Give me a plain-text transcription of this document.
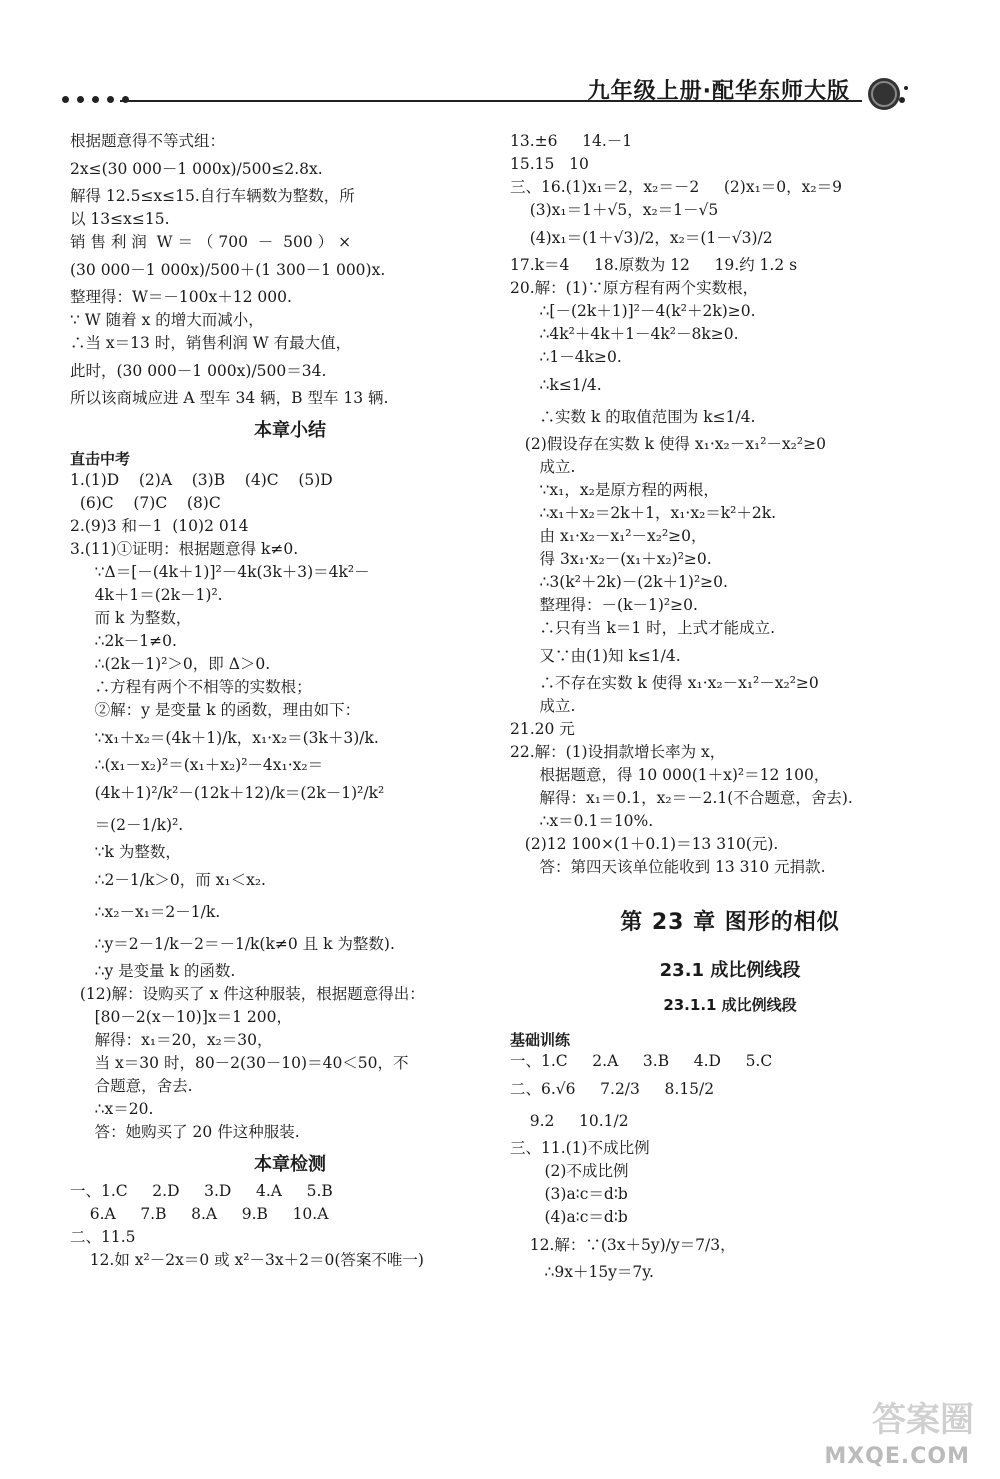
九年级上册·配华东师大版
根据题意得不等式组：
2x≤(30 000－1 000x)/500≤2.8x.
解得 12.5≤x≤15.自行车辆数为整数，所
以 13≤x≤15.
销 售 利 润  W ＝ （ 700  －  500 ） ×
(30 000－1 000x)/500＋(1 300－1 000)x.
整理得：W＝－100x＋12 000.
∵ W 随着 x 的增大而减小，
∴当 x＝13 时，销售利润 W 有最大值，
此时，(30 000－1 000x)/500＝34.
所以该商城应进 A 型车 34 辆，B 型车 13 辆.
本章小结
直击中考
1.(1)D    (2)A    (3)B    (4)C    (5)D
(6)C    (7)C    (8)C
2.(9)3 和－1  (10)2 014
3.(11)①证明：根据题意得 k≠0.
∵Δ＝[－(4k＋1)]²－4k(3k＋3)＝4k²－
4k＋1＝(2k－1)².
而 k 为整数，
∴2k－1≠0.
∴(2k－1)²＞0，即 Δ＞0.
∴方程有两个不相等的实数根；
②解：y 是变量 k 的函数，理由如下：
∵x₁＋x₂＝(4k＋1)/k，x₁·x₂＝(3k＋3)/k.
∴(x₁－x₂)²＝(x₁＋x₂)²－4x₁·x₂＝
(4k＋1)²/k²－(12k＋12)/k＝(2k－1)²/k²
＝(2－1/k)².
∵k 为整数，
∴2－1/k＞0，而 x₁＜x₂.
∴x₂－x₁＝2－1/k.
∴y＝2－1/k－2＝－1/k(k≠0 且 k 为整数).
∴y 是变量 k 的函数.
(12)解：设购买了 x 件这种服装，根据题意得出：
[80－2(x－10)]x＝1 200，
解得：x₁＝20，x₂＝30，
当 x＝30 时，80－2(30－10)＝40＜50，不
合题意，舍去.
∴x＝20.
答：她购买了 20 件这种服装.
本章检测
一、1.C     2.D     3.D     4.A     5.B
6.A     7.B     8.A     9.B     10.A
二、11.5
12.如 x²－2x＝0 或 x²－3x＋2＝0(答案不唯一)
13.±6     14.－1
15.15   10
三、16.(1)x₁＝2，x₂＝－2     (2)x₁＝0，x₂＝9
(3)x₁＝1＋√5，x₂＝1－√5
(4)x₁＝(1＋√3)/2，x₂＝(1－√3)/2
17.k＝4     18.原数为 12     19.约 1.2 s
20.解：(1)∵原方程有两个实数根，
∴[－(2k＋1)]²－4(k²＋2k)≥0.
∴4k²＋4k＋1－4k²－8k≥0.
∴1－4k≥0.
∴k≤1/4.
∴实数 k 的取值范围为 k≤1/4.
(2)假设存在实数 k 使得 x₁·x₂－x₁²－x₂²≥0
成立.
∵x₁，x₂是原方程的两根，
∴x₁＋x₂＝2k＋1，x₁·x₂＝k²＋2k.
由 x₁·x₂－x₁²－x₂²≥0，
得 3x₁·x₂－(x₁＋x₂)²≥0.
∴3(k²＋2k)－(2k＋1)²≥0.
整理得：－(k－1)²≥0.
∴只有当 k＝1 时，上式才能成立.
又∵由(1)知 k≤1/4.
∴不存在实数 k 使得 x₁·x₂－x₁²－x₂²≥0
成立.
21.20 元
22.解：(1)设捐款增长率为 x，
根据题意，得 10 000(1＋x)²＝12 100，
解得：x₁＝0.1，x₂＝－2.1(不合题意，舍去).
∴x＝0.1＝10%.
(2)12 100×(1＋0.1)＝13 310(元).
答：第四天该单位能收到 13 310 元捐款.
第 23 章 图形的相似
23.1 成比例线段
23.1.1 成比例线段
基础训练
一、1.C     2.A     3.B     4.D     5.C
二、6.√6     7.2/3     8.15/2
9.2     10.1/2
三、11.(1)不成比例
(2)不成比例
(3)a∶c＝d∶b
(4)a∶c＝d∶b
12.解：∵(3x＋5y)/y＝7/3，
∴9x＋15y＝7y.
答案圈
MXQE.COM
